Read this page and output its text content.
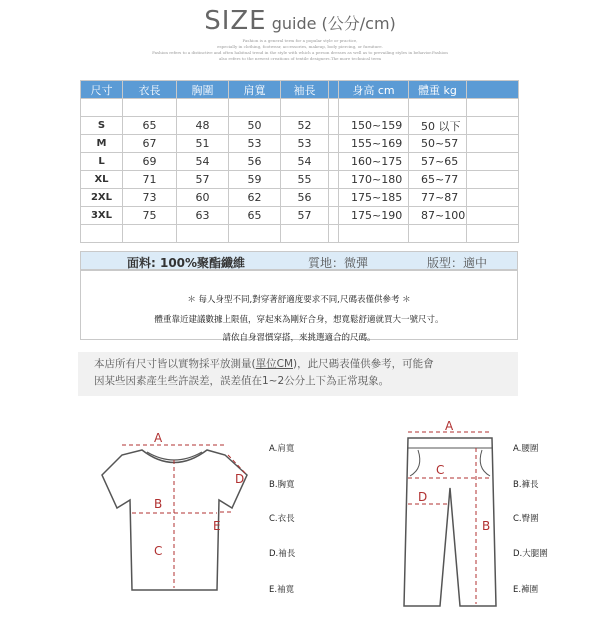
SIZE guide (公分/cm)
Fashion is a general term for a popular style or practice,
especially in clothing, footwear, accessories, makeup, body piercing, or furniture.
Fashion refers to a distinctive and often habitual trend in the style with which a person dresses as well as to prevailing styles in behavior.Fashion
also refers to the newest creations of textile designers.The more technical term
尺寸	衣長	胸圍	肩寬	袖長		身高 cm	體重 kg	

S	65	48	50	52		150~159	50 以下	
M	67	51	53	53		155~169	50~57	
L	69	54	56	54		160~175	57~65	
XL	71	57	59	55		170~180	65~77	
2XL	73	60	62	56		175~185	77~87	
3XL	75	63	65	57		175~190	87~100	

面料: 100%聚酯纖維	質地：微彈	版型：適中
＊ 每人身型不同,對穿著舒適度要求不同,尺碼表僅供參考 ＊
體重靠近建議數據上限值，穿起來為剛好合身，想寬鬆舒適就買大一號尺寸。
請依自身習慣穿搭，來挑選適合的尺碼。
本店所有尺寸皆以實物採平放測量(單位CM)，此尺碼表僅供參考，可能會
因某些因素產生些許誤差，誤差值在1~2公分上下為正常現象。
A
B
C
D
E
A.肩寬
B.胸寬
C.衣長
D.袖長
E.袖寬
A
B
C
D
A.腰圍
B.褲長
C.臀圍
D.大腿圍
E.褲圍
